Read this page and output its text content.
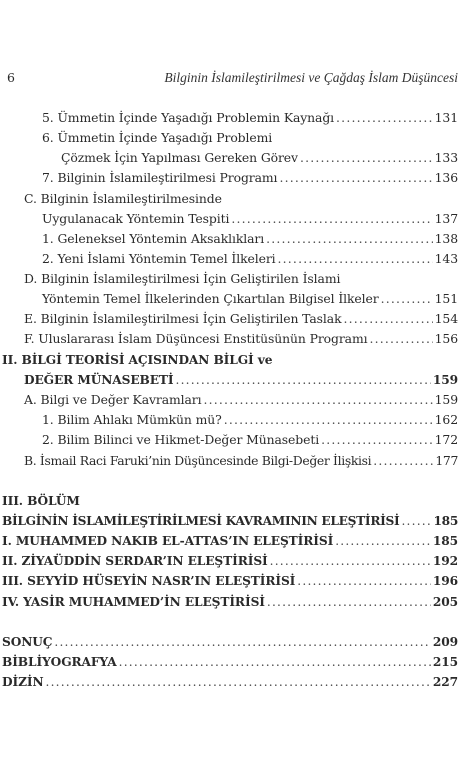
6	Bilginin İslamileştirilmesi ve Çağdaş İslam Düşüncesi
5. Ümmetin İçinde Yaşadığı Problemin Kaynağı .....	131
6. Ümmetin İçinde Yaşadığı Problemi
Çözmek İçin Yapılması Gereken Görev .....	133
7. Bilginin İslamileştirilmesi Programı .....	136
C. Bilginin İslamileştirilmesinde
Uygulanacak Yöntemin Tespiti .....	137
1. Geleneksel Yöntemin Aksaklıkları .....	138
2. Yeni İslami Yöntemin Temel İlkeleri .....	143
D. Bilginin İslamileştirilmesi İçin Geliştirilen İslami
Yöntemin Temel İlkelerinden Çıkartılan Bilgisel İlkeler .....	151
E. Bilginin İslamileştirilmesi İçin Geliştirilen Taslak .....	154
F. Uluslararası İslam Düşüncesi Enstitüsünün Programı .....	156
II. BİLGİ TEORİSİ AÇISINDAN BİLGİ ve
DEĞER MÜNASEBETİ .....	159
A. Bilgi ve Değer Kavramları .....	159
1. Bilim Ahlakı Mümkün mü? .....	162
2. Bilim Bilinci ve Hikmet-Değer Münasebeti .....	172
B. İsmail Raci Faruki’nin Düşüncesinde Bilgi-Değer İlişkisi .....	177
III. BÖLÜM
BİLGİNİN İSLAMİLEŞTİRİLMESİ KAVRAMININ ELEŞTİRİSİ .....	185
I. MUHAMMED NAKIB EL-ATTAS’IN ELEŞTİRİSİ .....	185
II. ZİYAÜDDİN SERDAR’IN ELEŞTİRİSİ .....	192
III. SEYYİD HÜSEYİN NASR’IN ELEŞTİRİSİ .....	196
IV. YASİR MUHAMMED’İN ELEŞTİRİSİ .....	205
SONUÇ .....	209
BİBLİYOGRAFYA .....	215
DİZİN .....	227
